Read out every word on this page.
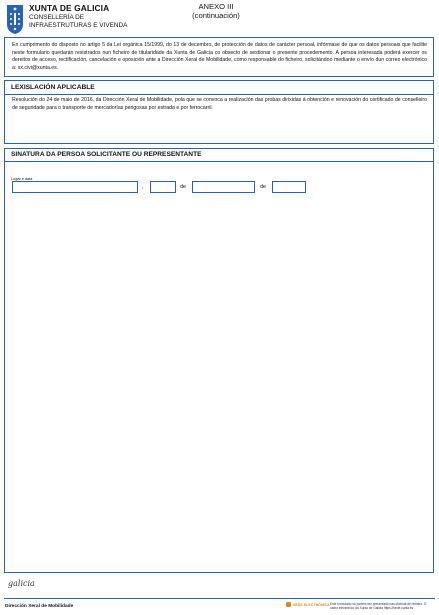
XUNTA DE GALICIA
CONSELLERÍA DE
INFRAESTRUTURAS E VIVENDA
ANEXO III
(continuación)
En cumprimento do disposto no artigo 5 da Lei orgánica 15/1999, do 13 de decembro, de protección de datos de carácter persoal, infórmase de que os datos persoais que facilite neste formulario quedarán rexistrados nun ficheiro de titularidade da Xunta de Galicia co obxecto de xestionar o presente procedemento. A persoa interesada poderá exercer os dereitos de acceso, rectificación, cancelación e oposición ante a Dirección Xeral de Mobilidade, como responsable do ficheiro, solicitándoo mediante o envío dun correo electrónico a: sx.civi@xunta.es.
LEXISLACIÓN APLICABLE
Resolución do 24 de maio de 2016, da Dirección Xeral de Mobilidade, pola que se convoca a realización das probas dirixidas á obtención e renovación do certificado de conselleiro de seguridade para o transporte de mercadorías perigosas por estrada e por ferrocarril.
SINATURA DA PERSOA SOLICITANTE OU REPRESENTANTE
Lugar e data
,	de	de
galicia
Dirección Xeral de Mobilidade	SEDE ELECTRÓNICA Este formulario só poderá ser presentado nas oficinas de rexistro. O cadro electrónico da Xunta de Galicia https://sede.xunta.es
